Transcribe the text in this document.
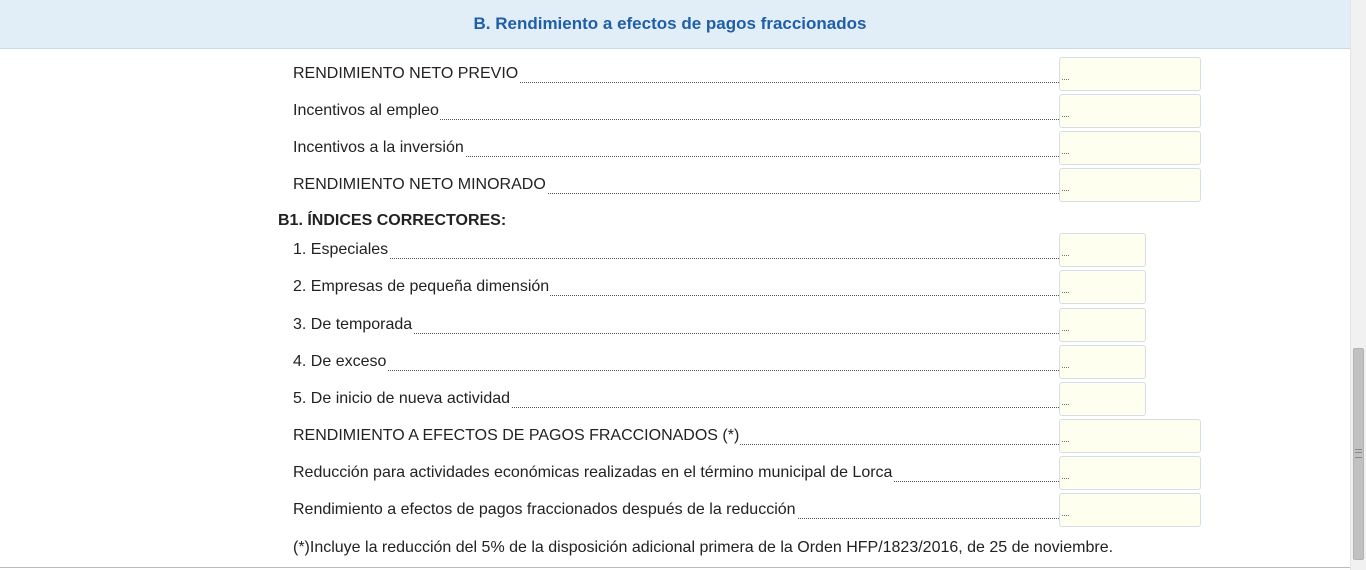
B. Rendimiento a efectos de pagos fraccionados
RENDIMIENTO NETO PREVIO
Incentivos al empleo
Incentivos a la inversión
RENDIMIENTO NETO MINORADO
B1. ÍNDICES CORRECTORES:
1. Especiales
2. Empresas de pequeña dimensión
3. De temporada
4. De exceso
5. De inicio de nueva actividad
RENDIMIENTO A EFECTOS DE PAGOS FRACCIONADOS (*)
Reducción para actividades económicas realizadas en el término municipal de Lorca
Rendimiento a efectos de pagos fraccionados después de la reducción
(*)Incluye la reducción del 5% de la disposición adicional primera de la Orden HFP/1823/2016, de 25 de noviembre.
